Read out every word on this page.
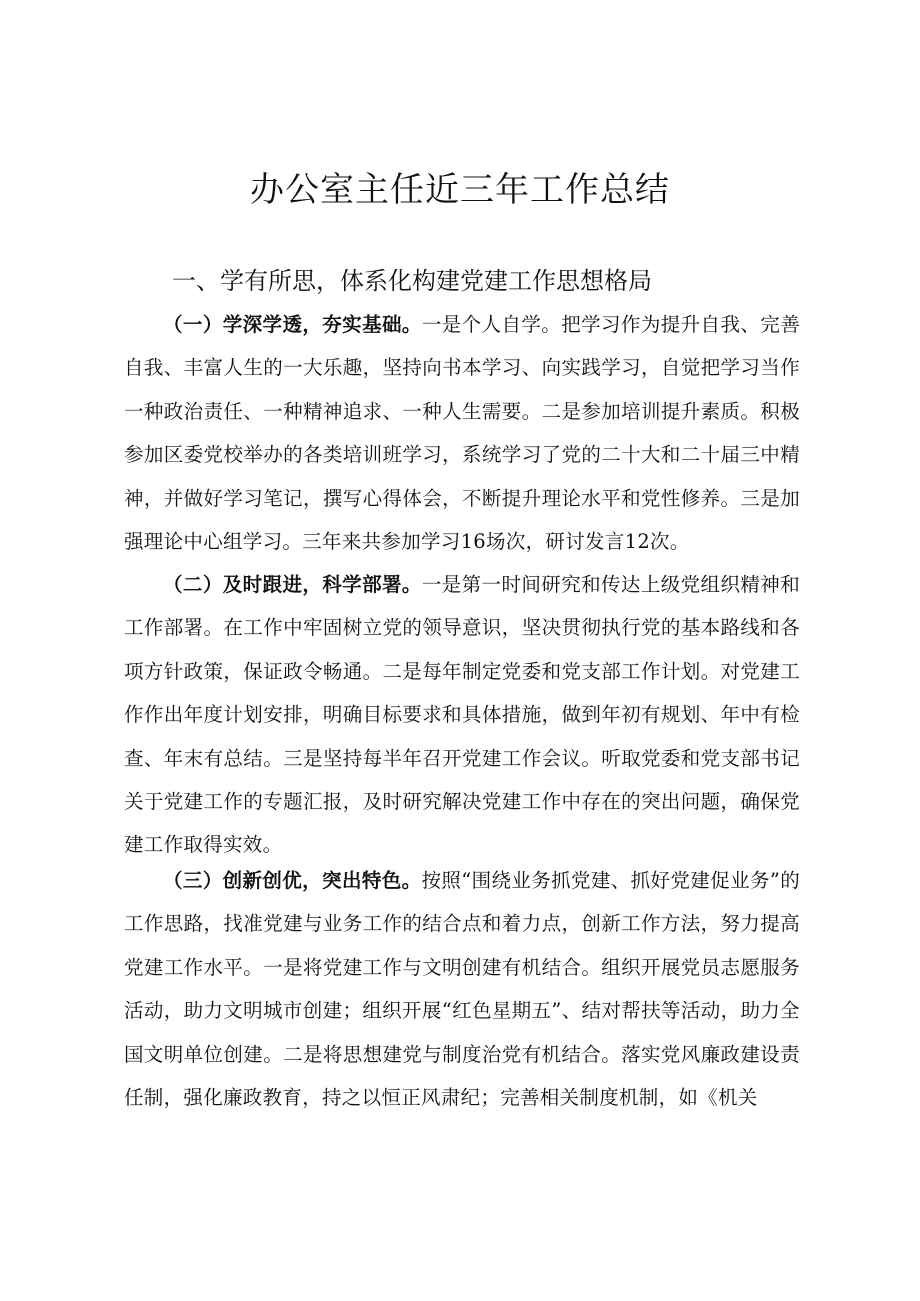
办公室主任近三年工作总结
一、学有所思，体系化构建党建工作思想格局

（一）学深学透，夯实基础。一是个人自学。把学习作为提升自我、完善自我、丰富人生的一大乐趣，坚持向书本学习、向实践学习，自觉把学习当作一种政治责任、一种精神追求、一种人生需要。二是参加培训提升素质。积极参加区委党校举办的各类培训班学习，系统学习了党的二十大和二十届三中精神，并做好学习笔记，撰写心得体会，不断提升理论水平和党性修养。三是加强理论中心组学习。三年来共参加学习16场次，研讨发言12次。

（二）及时跟进，科学部署。一是第一时间研究和传达上级党组织精神和工作部署。在工作中牢固树立党的领导意识，坚决贯彻执行党的基本路线和各项方针政策，保证政令畅通。二是每年制定党委和党支部工作计划。对党建工作作出年度计划安排，明确目标要求和具体措施，做到年初有规划、年中有检查、年末有总结。三是坚持每半年召开党建工作会议。听取党委和党支部书记关于党建工作的专题汇报，及时研究解决党建工作中存在的突出问题，确保党建工作取得实效。

（三）创新创优，突出特色。按照“围绕业务抓党建、抓好党建促业务”的工作思路，找准党建与业务工作的结合点和着力点，创新工作方法，努力提高党建工作水平。一是将党建工作与文明创建有机结合。组织开展党员志愿服务活动，助力文明城市创建；组织开展“红色星期五”、结对帮扶等活动，助力全国文明单位创建。二是将思想建党与制度治党有机结合。落实党风廉政建设责任制，强化廉政教育，持之以恒正风肃纪；完善相关制度机制，如《机关
